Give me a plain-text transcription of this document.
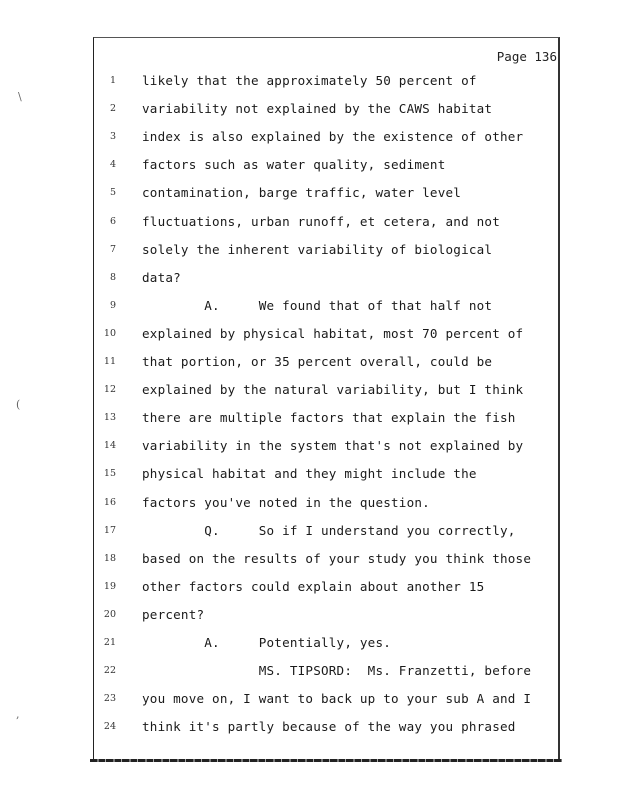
\
(
,
Page 136
1 likely that the approximately 50 percent of
2 variability not explained by the CAWS habitat
3 index is also explained by the existence of other
4 factors such as water quality, sediment
5 contamination, barge traffic, water level
6 fluctuations, urban runoff, et cetera, and not
7 solely the inherent variability of biological
8 data?
9 A.     We found that of that half not
10 explained by physical habitat, most 70 percent of
11 that portion, or 35 percent overall, could be
12 explained by the natural variability, but I think
13 there are multiple factors that explain the fish
14 variability in the system that's not explained by
15 physical habitat and they might include the
16 factors you've noted in the question.
17 Q.     So if I understand you correctly,
18 based on the results of your study you think those
19 other factors could explain about another 15
20 percent?
21 A.     Potentially, yes.
22 MS. TIPSORD:  Ms. Franzetti, before
23 you move on, I want to back up to your sub A and I
24 think it's partly because of the way you phrased
